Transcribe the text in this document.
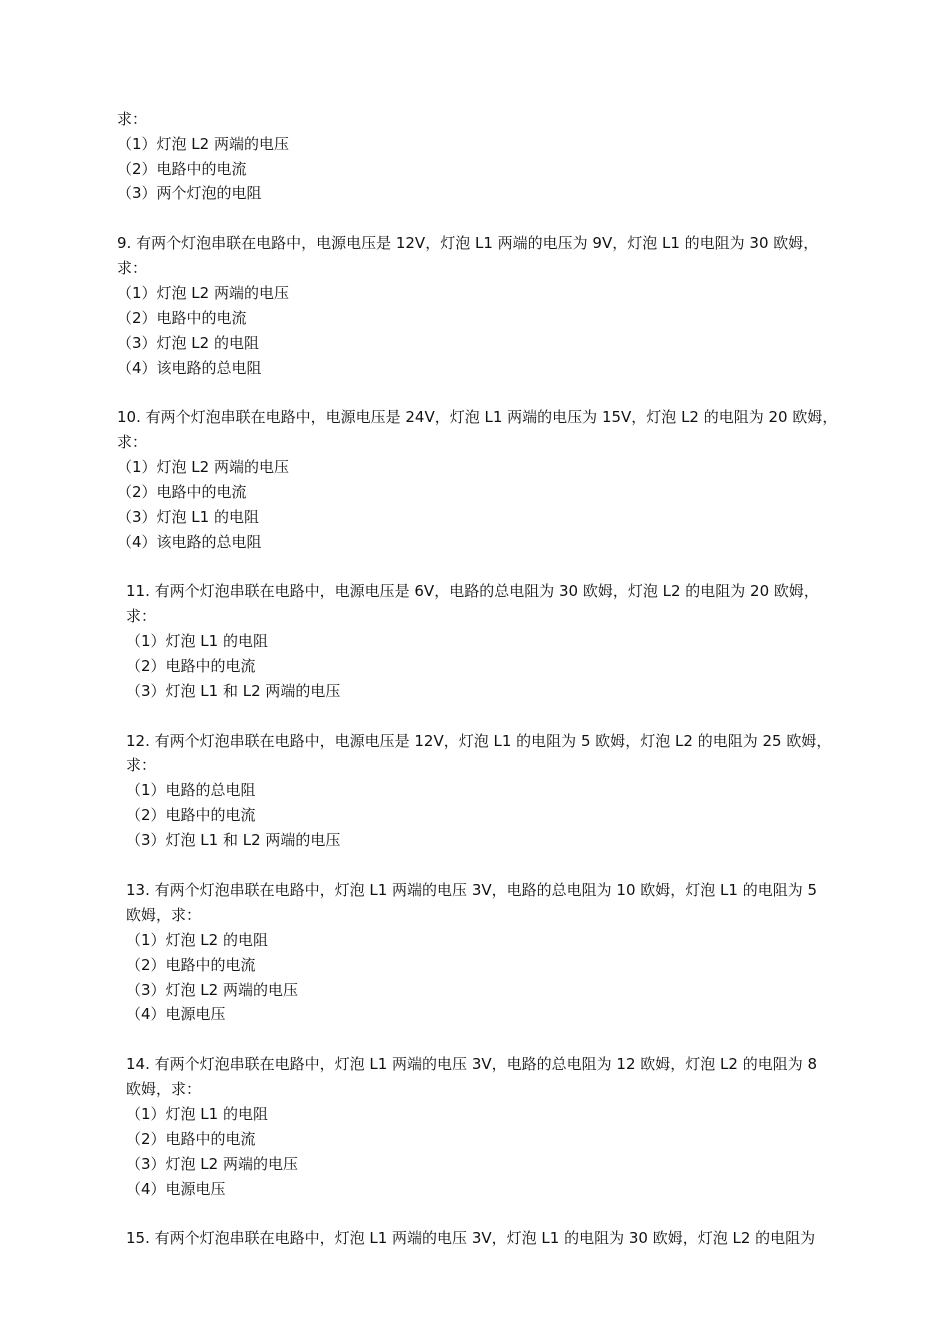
求：
（1）灯泡 L2 两端的电压
（2）电路中的电流
（3）两个灯泡的电阻
9. 有两个灯泡串联在电路中，电源电压是 12V，灯泡 L1 两端的电压为 9V，灯泡 L1 的电阻为 30 欧姆，
求：
（1）灯泡 L2 两端的电压
（2）电路中的电流
（3）灯泡 L2 的电阻
（4）该电路的总电阻
10. 有两个灯泡串联在电路中，电源电压是 24V，灯泡 L1 两端的电压为 15V，灯泡 L2 的电阻为 20 欧姆，
求：
（1）灯泡 L2 两端的电压
（2）电路中的电流
（3）灯泡 L1 的电阻
（4）该电路的总电阻
11. 有两个灯泡串联在电路中，电源电压是 6V，电路的总电阻为 30 欧姆，灯泡 L2 的电阻为 20 欧姆，
求：
（1）灯泡 L1 的电阻
（2）电路中的电流
（3）灯泡 L1 和 L2 两端的电压
12. 有两个灯泡串联在电路中，电源电压是 12V，灯泡 L1 的电阻为 5 欧姆，灯泡 L2 的电阻为 25 欧姆，
求：
（1）电路的总电阻
（2）电路中的电流
（3）灯泡 L1 和 L2 两端的电压
13. 有两个灯泡串联在电路中，灯泡 L1 两端的电压 3V，电路的总电阻为 10 欧姆，灯泡 L1 的电阻为 5
欧姆，求：
（1）灯泡 L2 的电阻
（2）电路中的电流
（3）灯泡 L2 两端的电压
（4）电源电压
14. 有两个灯泡串联在电路中，灯泡 L1 两端的电压 3V，电路的总电阻为 12 欧姆，灯泡 L2 的电阻为 8
欧姆，求：
（1）灯泡 L1 的电阻
（2）电路中的电流
（3）灯泡 L2 两端的电压
（4）电源电压
15. 有两个灯泡串联在电路中，灯泡 L1 两端的电压 3V，灯泡 L1 的电阻为 30 欧姆，灯泡 L2 的电阻为
